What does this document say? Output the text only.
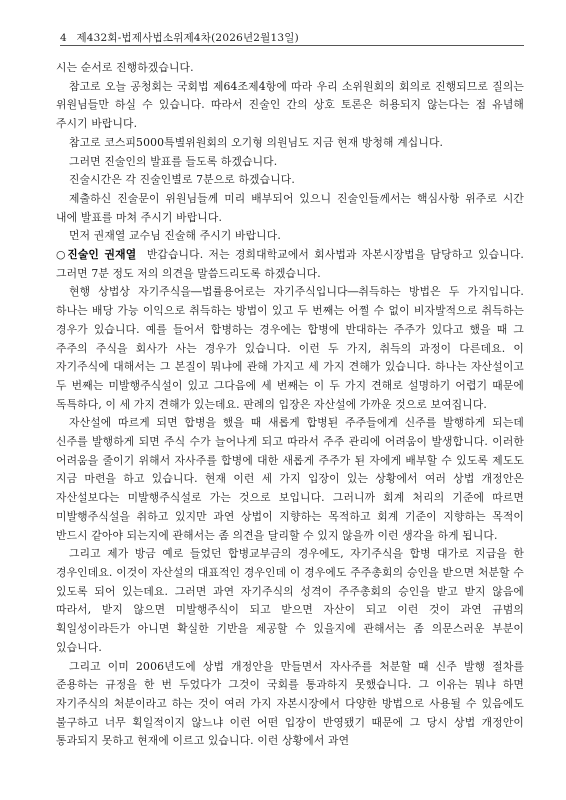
4 제432회-법제사법소위제4차(2026년2월13일)

시는 순서로 진행하겠습니다.

참고로 오늘 공청회는 국회법 제64조제4항에 따라 우리 소위원회의 회의로 진행되므로 질의는 위원님들만 하실 수 있습니다. 따라서 진술인 간의 상호 토론은 허용되지 않는다는 점 유념해 주시기 바랍니다.

참고로 코스피5000특별위원회의 오기형 의원님도 지금 현재 방청해 계십니다.

그러면 진술인의 발표를 들도록 하겠습니다.

진술시간은 각 진술인별로 7분으로 하겠습니다.

제출하신 진술문이 위원님들께 미리 배부되어 있으니 진술인들께서는 핵심사항 위주로 시간 내에 발표를 마쳐 주시기 바랍니다.

먼저 권재열 교수님 진술해 주시기 바랍니다.

○진술인 권재열 반갑습니다. 저는 경희대학교에서 회사법과 자본시장법을 담당하고 있습니다. 그러면 7분 정도 저의 의견을 말씀드리도록 하겠습니다.

현행 상법상 자기주식을―법률용어로는 자기주식입니다―취득하는 방법은 두 가지입니다. 하나는 배당 가능 이익으로 취득하는 방법이 있고 두 번째는 어쩔 수 없이 비자발적으로 취득하는 경우가 있습니다. 예를 들어서 합병하는 경우에는 합병에 반대하는 주주가 있다고 했을 때 그 주주의 주식을 회사가 사는 경우가 있습니다. 이런 두 가지, 취득의 과정이 다른데요. 이 자기주식에 대해서는 그 본질이 뭐냐에 관해 가지고 세 가지 견해가 있습니다. 하나는 자산설이고 두 번째는 미발행주식설이 있고 그다음에 세 번째는 이 두 가지 견해로 설명하기 어렵기 때문에 독특하다, 이 세 가지 견해가 있는데요. 판례의 입장은 자산설에 가까운 것으로 보여집니다.

자산설에 따르게 되면 합병을 했을 때 새롭게 합병된 주주들에게 신주를 발행하게 되는데 신주를 발행하게 되면 주식 수가 늘어나게 되고 따라서 주주 관리에 어려움이 발생합니다. 이러한 어려움을 줄이기 위해서 자사주를 합병에 대한 새롭게 주주가 된 자에게 배부할 수 있도록 제도도 지금 마련을 하고 있습니다. 현재 이런 세 가지 입장이 있는 상황에서 여러 상법 개정안은 자산설보다는 미발행주식설로 가는 것으로 보입니다. 그러니까 회계 처리의 기준에 따르면 미발행주식설을 취하고 있지만 과연 상법이 지향하는 목적하고 회계 기준이 지향하는 목적이 반드시 같아야 되는지에 관해서는 좀 의견을 달리할 수 있지 않을까 이런 생각을 하게 됩니다.

그리고 제가 방금 예로 들었던 합병교부금의 경우에도, 자기주식을 합병 대가로 지급을 한 경우인데요. 이것이 자산설의 대표적인 경우인데 이 경우에도 주주총회의 승인을 받으면 처분할 수 있도록 되어 있는데요. 그러면 과연 자기주식의 성격이 주주총회의 승인을 받고 받지 않음에 따라서, 받지 않으면 미발행주식이 되고 받으면 자산이 되고 이런 것이 과연 규범의 획일성이라든가 아니면 확실한 기반을 제공할 수 있을지에 관해서는 좀 의문스러운 부분이 있습니다.

그리고 이미 2006년도에 상법 개정안을 만들면서 자사주를 처분할 때 신주 발행 절차를 준용하는 규정을 한 번 두었다가 그것이 국회를 통과하지 못했습니다. 그 이유는 뭐냐 하면 자기주식의 처분이라고 하는 것이 여러 가지 자본시장에서 다양한 방법으로 사용될 수 있음에도 불구하고 너무 획일적이지 않느냐 이런 어떤 입장이 반영됐기 때문에 그 당시 상법 개정안이 통과되지 못하고 현재에 이르고 있습니다. 이런 상황에서 과연
